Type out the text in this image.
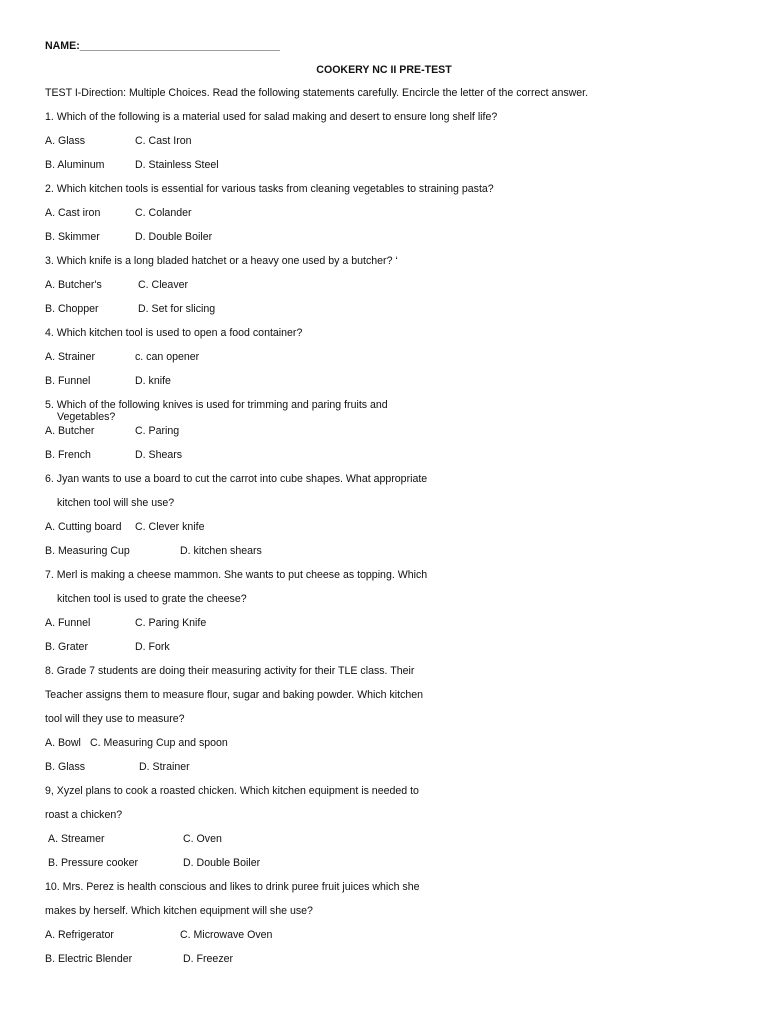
NAME:__________________________________
COOKERY NC II PRE-TEST
TEST I-Direction: Multiple Choices. Read the following statements carefully. Encircle the letter of the correct answer.
1. Which of the following is a material used for salad making and desert to ensure long shelf life?
A. Glass	C. Cast Iron
B. Aluminum	D. Stainless Steel
2. Which kitchen tools is essential for various tasks from cleaning vegetables to straining pasta?
A. Cast iron	C. Colander
B. Skimmer	D. Double Boiler
3. Which knife is a long bladed hatchet or a heavy one used by a butcher? ‘
A. Butcher's	C. Cleaver
B. Chopper	D. Set for slicing
4. Which kitchen tool is used to open a food container?
A. Strainer	c. can opener
B. Funnel	D. knife
5. Which of the following knives is used for trimming and paring fruits and
Vegetables?
A. Butcher	C. Paring
B. French	D. Shears
6. Jyan wants to use a board to cut the carrot into cube shapes. What appropriate
kitchen tool will she use?
A. Cutting board C. Clever knife
B. Measuring Cup	D. kitchen shears
7. Merl is making a cheese mammon. She wants to put cheese as topping. Which
kitchen tool is used to grate the cheese?
A. Funnel	C. Paring Knife
B. Grater	D. Fork
8. Grade 7 students are doing their measuring activity for their TLE class. Their
Teacher assigns them to measure flour, sugar and baking powder. Which kitchen
tool will they use to measure?
A. Bowl C. Measuring Cup and spoon
B. Glass	D. Strainer
9, Xyzel plans to cook a roasted chicken. Which kitchen equipment is needed to
roast a chicken?
A. Streamer	C. Oven
B. Pressure cooker	D. Double Boiler
10. Mrs. Perez is health conscious and likes to drink puree fruit juices which she
makes by herself. Which kitchen equipment will she use?
A. Refrigerator	C. Microwave Oven
B. Electric Blender	D. Freezer
